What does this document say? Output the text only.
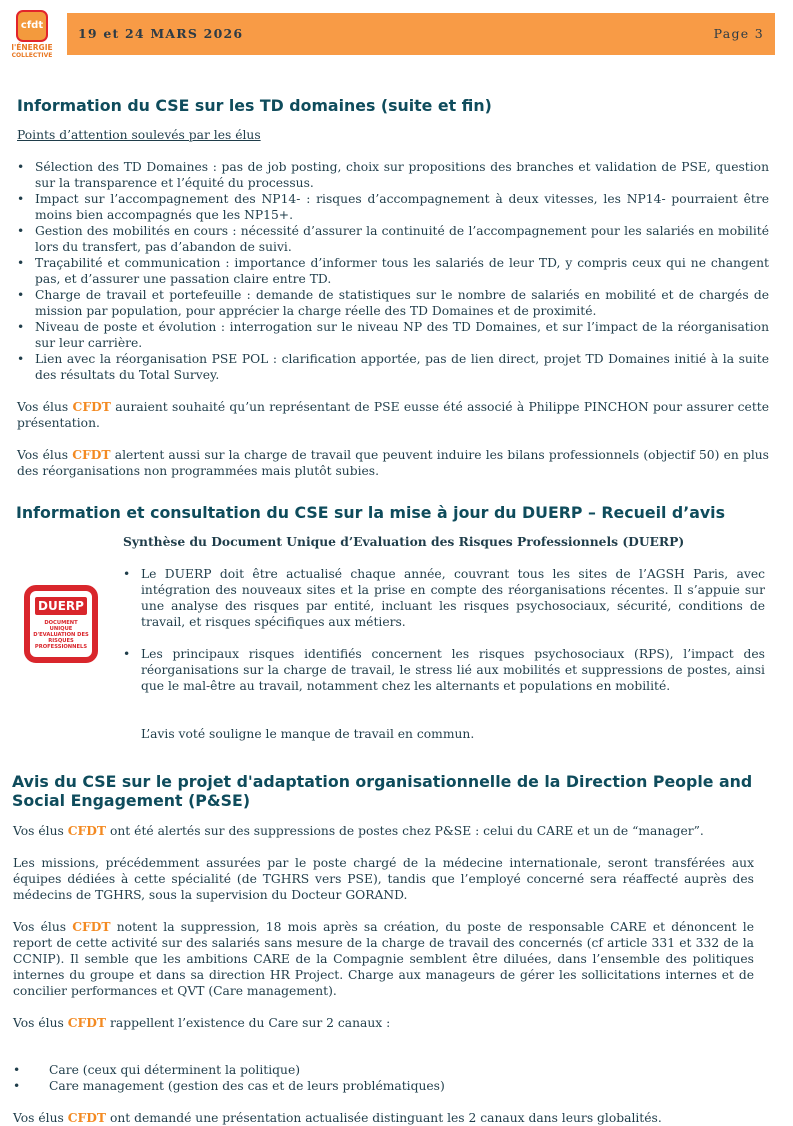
cfdt
l'ÉNERGIE
COLLECTIVE
19 et 24 MARS 2026	Page 3
Information du CSE sur les TD domaines (suite et fin)
Points d’attention soulevés par les élus
• Sélection des TD Domaines : pas de job posting, choix sur propositions des branches et validation de PSE, question sur la transparence et l’équité du processus.
• Impact sur l’accompagnement des NP14- : risques d’accompagnement à deux vitesses, les NP14- pourraient être moins bien accompagnés que les NP15+.
• Gestion des mobilités en cours : nécessité d’assurer la continuité de l’accompagnement pour les salariés en mobilité lors du transfert, pas d’abandon de suivi.
• Traçabilité et communication : importance d’informer tous les salariés de leur TD, y compris ceux qui ne changent pas, et d’assurer une passation claire entre TD.
• Charge de travail et portefeuille : demande de statistiques sur le nombre de salariés en mobilité et de chargés de mission par population, pour apprécier la charge réelle des TD Domaines et de proximité.
• Niveau de poste et évolution : interrogation sur le niveau NP des TD Domaines, et sur l’impact de la réorganisation sur leur carrière.
• Lien avec la réorganisation PSE POL : clarification apportée, pas de lien direct, projet TD Domaines initié à la suite des résultats du Total Survey.

Vos élus CFDT auraient souhaité qu’un représentant de PSE eusse été associé à Philippe PINCHON pour assurer cette présentation.

Vos élus CFDT alertent aussi sur la charge de travail que peuvent induire les bilans professionnels (objectif 50) en plus des réorganisations non programmées mais plutôt subies.

Information et consultation du CSE sur la mise à jour du DUERP – Recueil d’avis
Synthèse du Document Unique d’Evaluation des Risques Professionnels (DUERP)
DUERP
DOCUMENT UNIQUE D'EVALUATION DES RISQUES PROFESSIONNELS
• Le DUERP doit être actualisé chaque année, couvrant tous les sites de l’AGSH Paris, avec intégration des nouveaux sites et la prise en compte des réorganisations récentes. Il s’appuie sur une analyse des risques par entité, incluant les risques psychosociaux, sécurité, conditions de travail, et risques spécifiques aux métiers.
• Les principaux risques identifiés concernent les risques psychosociaux (RPS), l’impact des réorganisations sur la charge de travail, le stress lié aux mobilités et suppressions de postes, ainsi que le mal-être au travail, notamment chez les alternants et populations en mobilité.
L’avis voté souligne le manque de travail en commun.
Avis du CSE sur le projet d'adaptation organisationnelle de la Direction People and Social Engagement (P&SE)

Vos élus CFDT ont été alertés sur des suppressions de postes chez P&SE : celui du CARE et un de “manager”.

Les missions, précédemment assurées par le poste chargé de la médecine internationale, seront transférées aux équipes dédiées à cette spécialité (de TGHRS vers PSE), tandis que l’employé concerné sera réaffecté auprès des médecins de TGHRS, sous la supervision du Docteur GORAND.

Vos élus CFDT notent la suppression, 18 mois après sa création, du poste de responsable CARE et dénoncent le report de cette activité sur des salariés sans mesure de la charge de travail des concernés (cf article 331 et 332 de la CCNIP). Il semble que les ambitions CARE de la Compagnie semblent être diluées, dans l’ensemble des politiques internes du groupe et dans sa direction HR Project. Charge aux manageurs de gérer les sollicitations internes et de concilier performances et QVT (Care management).

Vos élus CFDT rappellent l’existence du Care sur 2 canaux :

• Care (ceux qui déterminent la politique)
• Care management (gestion des cas et de leurs problématiques)
Vos élus CFDT ont demandé une présentation actualisée distinguant les 2 canaux dans leurs globalités.
